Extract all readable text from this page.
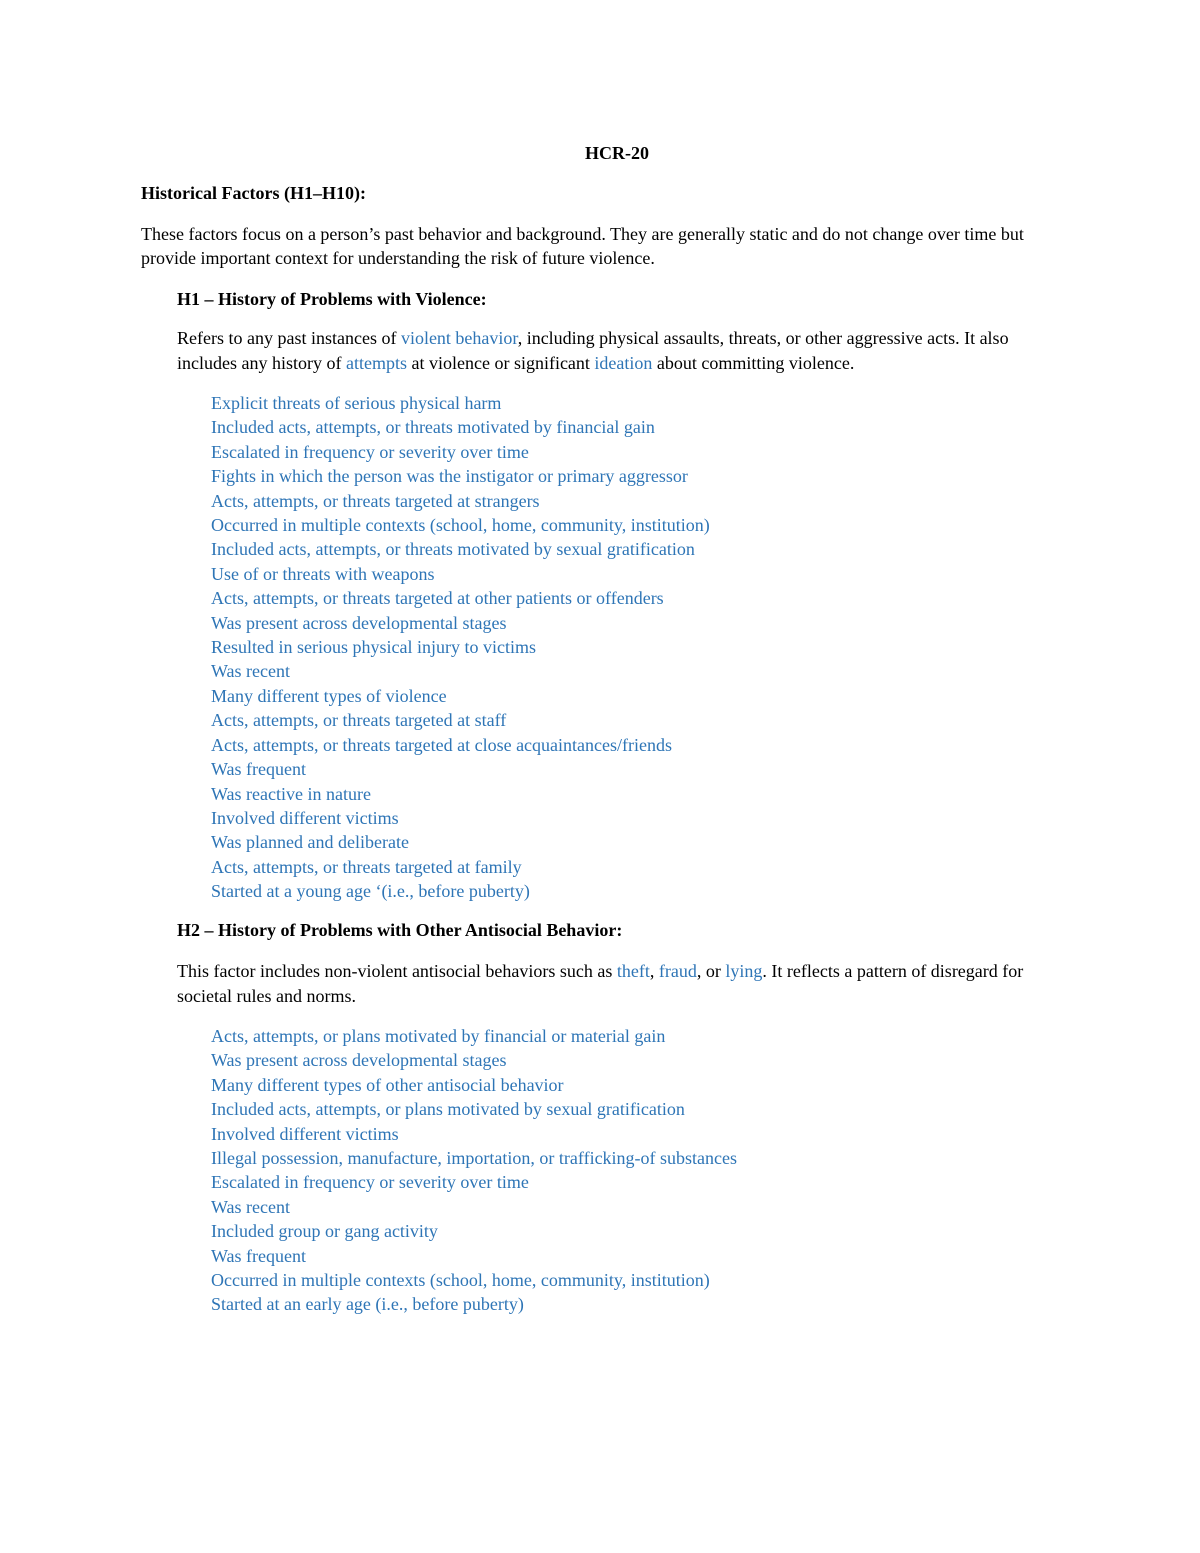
HCR-20
Historical Factors (H1–H10):

These factors focus on a person’s past behavior and background. They are generally static and do not change over time but provide important context for understanding the risk of future violence.

H1 – History of Problems with Violence:

Refers to any past instances of violent behavior, including physical assaults, threats, or other aggressive acts. It also includes any history of attempts at violence or significant ideation about committing violence.

Explicit threats of serious physical harm
Included acts, attempts, or threats motivated by financial gain
Escalated in frequency or severity over time
Fights in which the person was the instigator or primary aggressor
Acts, attempts, or threats targeted at strangers
Occurred in multiple contexts (school, home, community, institution)
Included acts, attempts, or threats motivated by sexual gratification
Use of or threats with weapons
Acts, attempts, or threats targeted at other patients or offenders
Was present across developmental stages
Resulted in serious physical injury to victims
Was recent
Many different types of violence
Acts, attempts, or threats targeted at staff
Acts, attempts, or threats targeted at close acquaintances/friends
Was frequent
Was reactive in nature
Involved different victims
Was planned and deliberate
Acts, attempts, or threats targeted at family
Started at a young age ‘(i.e., before puberty)
H2 – History of Problems with Other Antisocial Behavior:

This factor includes non-violent antisocial behaviors such as theft, fraud, or lying. It reflects a pattern of disregard for societal rules and norms.

Acts, attempts, or plans motivated by financial or material gain
Was present across developmental stages
Many different types of other antisocial behavior
Included acts, attempts, or plans motivated by sexual gratification
Involved different victims
Illegal possession, manufacture, importation, or trafficking-of substances
Escalated in frequency or severity over time
Was recent
Included group or gang activity
Was frequent
Occurred in multiple contexts (school, home, community, institution)
Started at an early age (i.e., before puberty)
